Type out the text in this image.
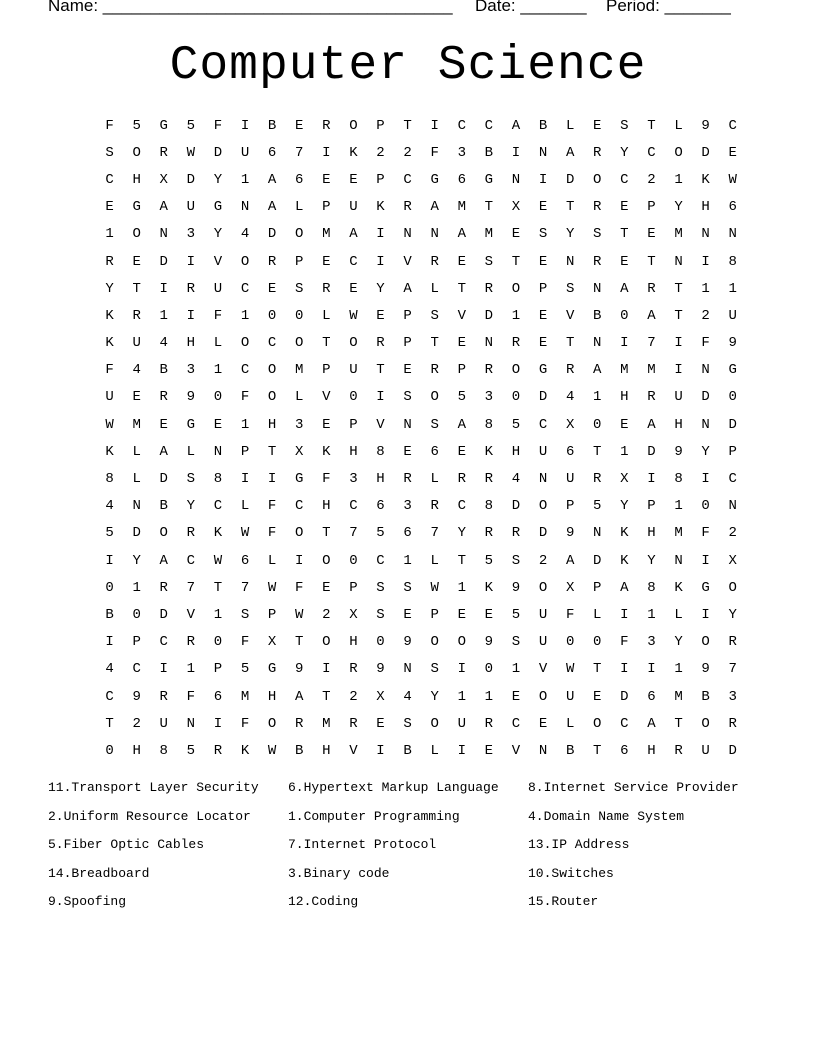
Name: _____________________________________

Date: _______

Period: _______

Computer Science
F	5	G	5	F	I	B	E	R	O	P	T	I	C	C	A	B	L	E	S	T	L	9	C
S	O	R	W	D	U	6	7	I	K	2	2	F	3	B	I	N	A	R	Y	C	O	D	E
C	H	X	D	Y	1	A	6	E	E	P	C	G	6	G	N	I	D	O	C	2	1	K	W
E	G	A	U	G	N	A	L	P	U	K	R	A	M	T	X	E	T	R	E	P	Y	H	6
1	O	N	3	Y	4	D	O	M	A	I	N	N	A	M	E	S	Y	S	T	E	M	N	N
R	E	D	I	V	O	R	P	E	C	I	V	R	E	S	T	E	N	R	E	T	N	I	8
Y	T	I	R	U	C	E	S	R	E	Y	A	L	T	R	O	P	S	N	A	R	T	1	1
K	R	1	I	F	1	0	0	L	W	E	P	S	V	D	1	E	V	B	0	A	T	2	U
K	U	4	H	L	O	C	O	T	O	R	P	T	E	N	R	E	T	N	I	7	I	F	9
F	4	B	3	1	C	O	M	P	U	T	E	R	P	R	O	G	R	A	M	M	I	N	G
U	E	R	9	0	F	O	L	V	0	I	S	O	5	3	0	D	4	1	H	R	U	D	0
W	M	E	G	E	1	H	3	E	P	V	N	S	A	8	5	C	X	0	E	A	H	N	D
K	L	A	L	N	P	T	X	K	H	8	E	6	E	K	H	U	6	T	1	D	9	Y	P
8	L	D	S	8	I	I	G	F	3	H	R	L	R	R	4	N	U	R	X	I	8	I	C
4	N	B	Y	C	L	F	C	H	C	6	3	R	C	8	D	O	P	5	Y	P	1	0	N
5	D	O	R	K	W	F	O	T	7	5	6	7	Y	R	R	D	9	N	K	H	M	F	2
I	Y	A	C	W	6	L	I	O	0	C	1	L	T	5	S	2	A	D	K	Y	N	I	X
0	1	R	7	T	7	W	F	E	P	S	S	W	1	K	9	O	X	P	A	8	K	G	O
B	0	D	V	1	S	P	W	2	X	S	E	P	E	E	5	U	F	L	I	1	L	I	Y
I	P	C	R	0	F	X	T	O	H	0	9	O	O	9	S	U	0	0	F	3	Y	O	R
4	C	I	1	P	5	G	9	I	R	9	N	S	I	0	1	V	W	T	I	I	1	9	7
C	9	R	F	6	M	H	A	T	2	X	4	Y	1	1	E	O	U	E	D	6	M	B	3
T	2	U	N	I	F	O	R	M	R	E	S	O	U	R	C	E	L	O	C	A	T	O	R
0	H	8	5	R	K	W	B	H	V	I	B	L	I	E	V	N	B	T	6	H	R	U	D
11.Transport Layer Security	6.Hypertext Markup Language	8.Internet Service Provider
2.Uniform Resource Locator	1.Computer Programming	4.Domain Name System
5.Fiber Optic Cables	7.Internet Protocol	13.IP Address
14.Breadboard	3.Binary code	10.Switches
9.Spoofing	12.Coding	15.Router
